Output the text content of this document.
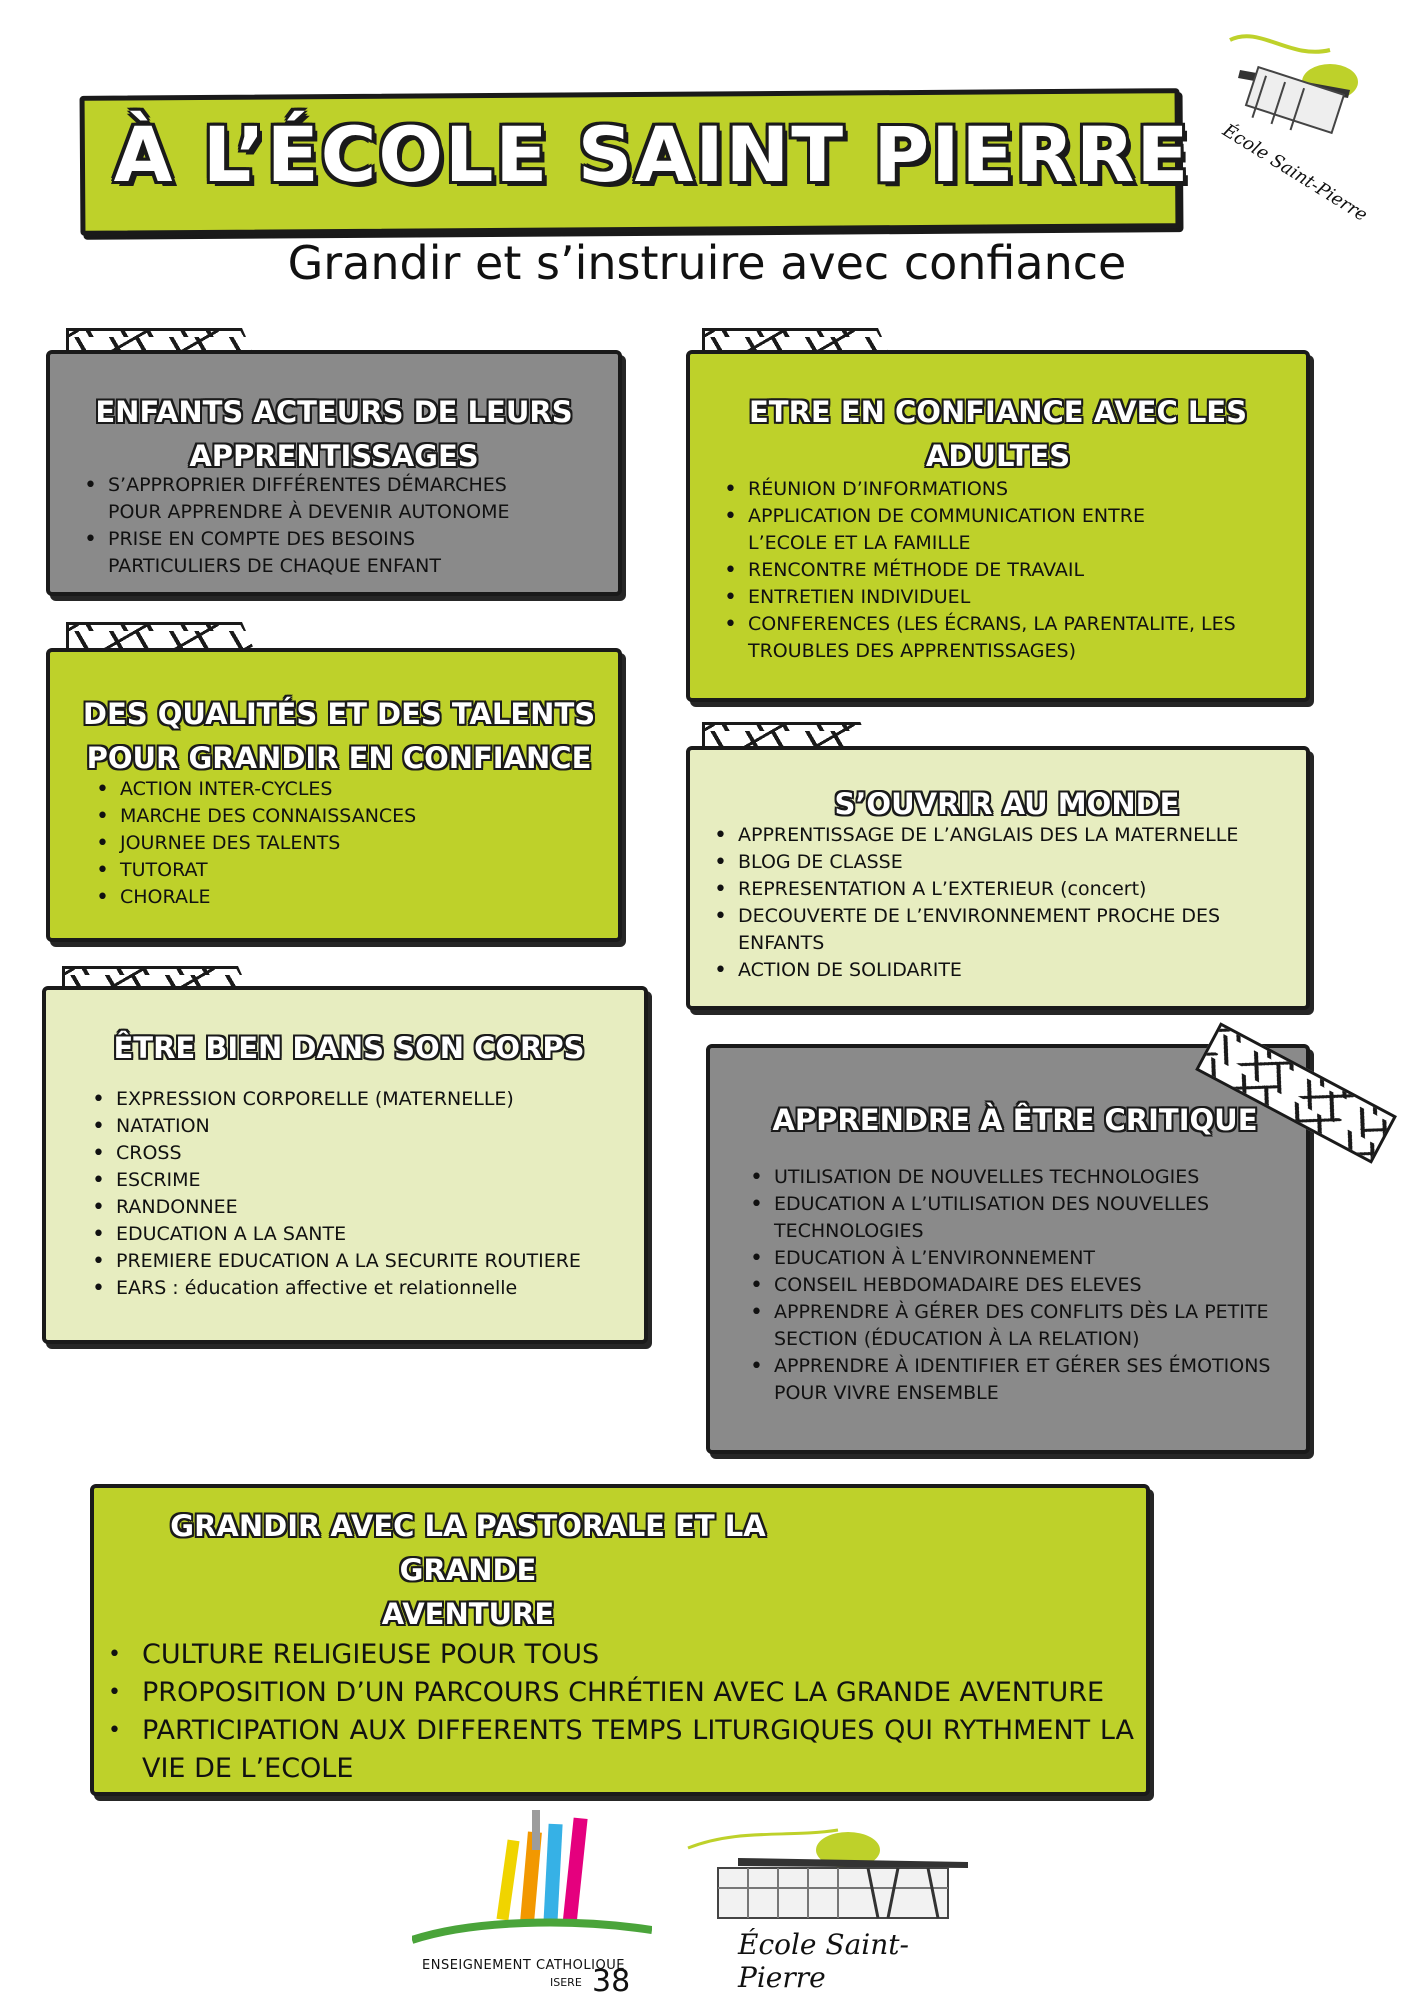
À L’ÉCOLE SAINT PIERRE
Grandir et s’instruire avec confiance
École Saint-Pierre
ENFANTS ACTEURS DE LEURS
APPRENTISSAGES
• S’APPROPRIER DIFFÉRENTES DÉMARCHES POUR APPRENDRE À DEVENIR AUTONOME
• PRISE EN COMPTE DES BESOINS PARTICULIERS DE CHAQUE ENFANT
ETRE EN CONFIANCE AVEC LES
ADULTES
• RÉUNION D’INFORMATIONS
• APPLICATION DE COMMUNICATION ENTRE L’ECOLE ET LA FAMILLE
• RENCONTRE MÉTHODE DE TRAVAIL
• ENTRETIEN INDIVIDUEL
• CONFERENCES (LES ÉCRANS, LA PARENTALITE, LES TROUBLES DES APPRENTISSAGES)
DES QUALITÉS ET DES TALENTS
POUR GRANDIR EN CONFIANCE
• ACTION INTER-CYCLES
• MARCHE DES CONNAISSANCES
• JOURNEE DES TALENTS
• TUTORAT
• CHORALE
S’OUVRIR AU MONDE
• APPRENTISSAGE DE L’ANGLAIS DES LA MATERNELLE
• BLOG DE CLASSE
• REPRESENTATION A L’EXTERIEUR (concert)
• DECOUVERTE DE L’ENVIRONNEMENT PROCHE DES ENFANTS
• ACTION DE SOLIDARITE
ÊTRE BIEN DANS SON CORPS
• EXPRESSION CORPORELLE (MATERNELLE)
• NATATION
• CROSS
• ESCRIME
• RANDONNEE
• EDUCATION A LA SANTE
• PREMIERE EDUCATION A LA SECURITE ROUTIERE
• EARS : éducation affective et relationnelle
APPRENDRE À ÊTRE CRITIQUE
• UTILISATION DE NOUVELLES TECHNOLOGIES
• EDUCATION A L’UTILISATION DES NOUVELLES TECHNOLOGIES
• EDUCATION À L’ENVIRONNEMENT
• CONSEIL HEBDOMADAIRE DES ELEVES
• APPRENDRE À GÉRER DES CONFLITS DÈS LA PETITE SECTION (ÉDUCATION À LA RELATION)
• APPRENDRE À IDENTIFIER ET GÉRER SES ÉMOTIONS POUR VIVRE ENSEMBLE
GRANDIR AVEC LA PASTORALE ET LA GRANDE
AVENTURE
• CULTURE RELIGIEUSE POUR TOUS
• PROPOSITION D’UN PARCOURS CHRÉTIEN AVEC LA GRANDE AVENTURE
• PARTICIPATION AUX DIFFERENTS TEMPS LITURGIQUES QUI RYTHMENT LA VIE DE L’ECOLE
ENSEIGNEMENT CATHOLIQUE
ISERE 38
École Saint-Pierre
